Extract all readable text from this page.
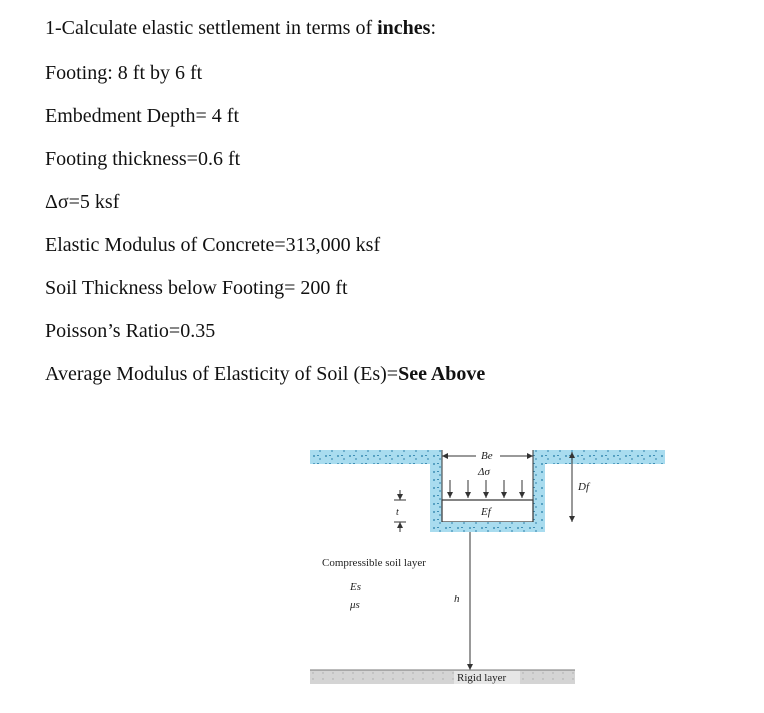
1-Calculate elastic settlement in terms of inches:

Footing: 8 ft by 6 ft

Embedment Depth= 4 ft

Footing thickness=0.6 ft

Δσ=5 ksf

Elastic Modulus of Concrete=313,000 ksf

Soil Thickness below Footing= 200 ft

Poisson’s Ratio=0.35

Average Modulus of Elasticity of Soil (Es)=See Above

Be
Δσ
Ef
Df
t
Compressible soil layer
Es
μs	h
Rigid layer
